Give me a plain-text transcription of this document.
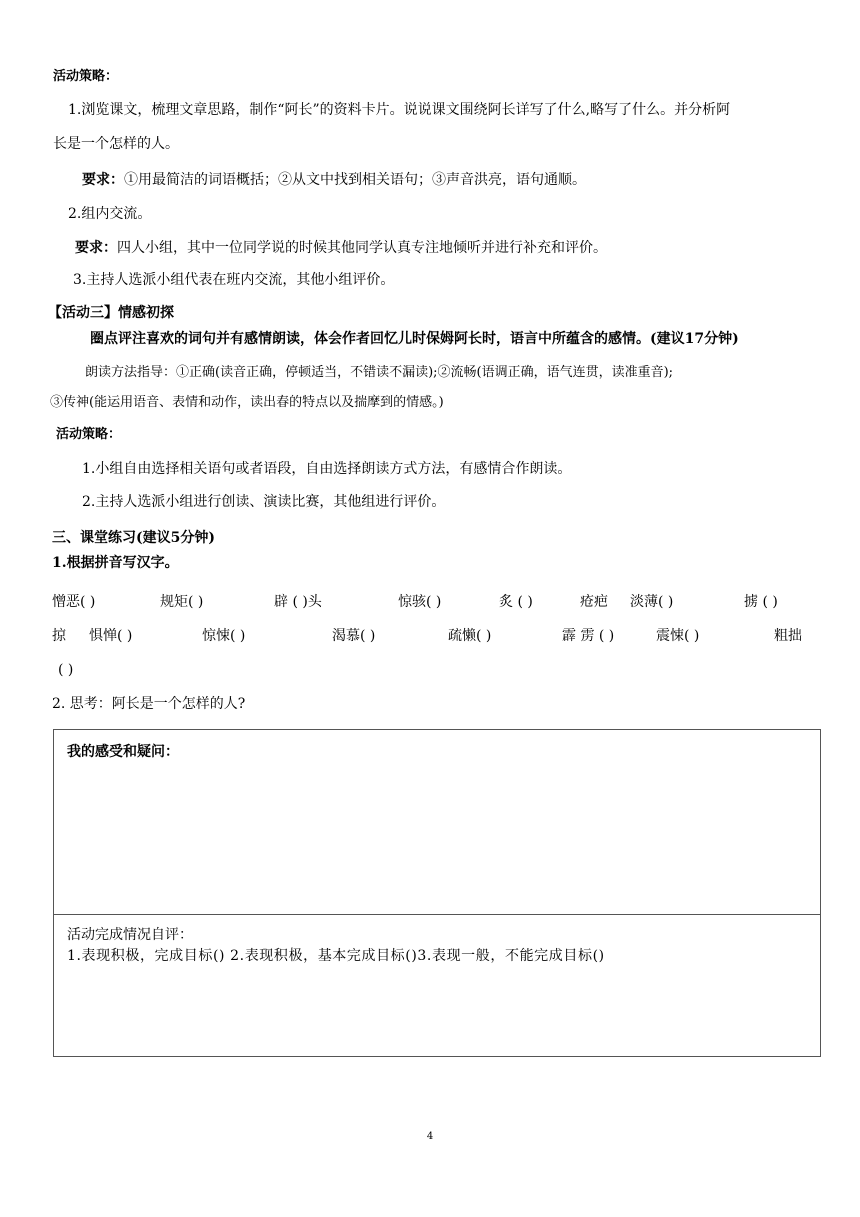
活动策略：
1.浏览课文，梳理文章思路，制作“阿长”的资料卡片。说说课文围绕阿长详写了什么,略写了什么。并分析阿
长是一个怎样的人。
要求：①用最简洁的词语概括；②从文中找到相关语句；③声音洪亮，语句通顺。
2.组内交流。
要求：四人小组，其中一位同学说的时候其他同学认真专注地倾听并进行补充和评价。
3.主持人选派小组代表在班内交流，其他小组评价。
【活动三】情感初探
圈点评注喜欢的词句并有感情朗读，体会作者回忆儿时保姆阿长时，语言中所蕴含的感情。(建议17分钟)
朗读方法指导：①正确(读音正确，停顿适当，不错读不漏读);②流畅(语调正确，语气连贯，读准重音);
③传神(能运用语音、表情和动作，读出春的特点以及揣摩到的情感。)
活动策略：
1.小组自由选择相关语句或者语段，自由选择朗读方式方法，有感情合作朗读。
2.主持人选派小组进行创读、演读比赛，其他组进行评价。
三、课堂练习(建议5分钟)
1.根据拼音写汉字。
憎恶( )	规矩( )	辟 ( )头	惊骇( )	炙 ( )	疮疤 淡薄( )	掳 ( )
掠 惧惮( )	惊悚( )	渴慕( )	疏懒( )	霹 雳 ( )	震悚( )	粗拙
( )
2. 思考：阿长是一个怎样的人?
我的感受和疑问：
活动完成情况自评：
1.表现积极，完成目标() 2.表现积极，基本完成目标()3.表现一般，不能完成目标()
4
